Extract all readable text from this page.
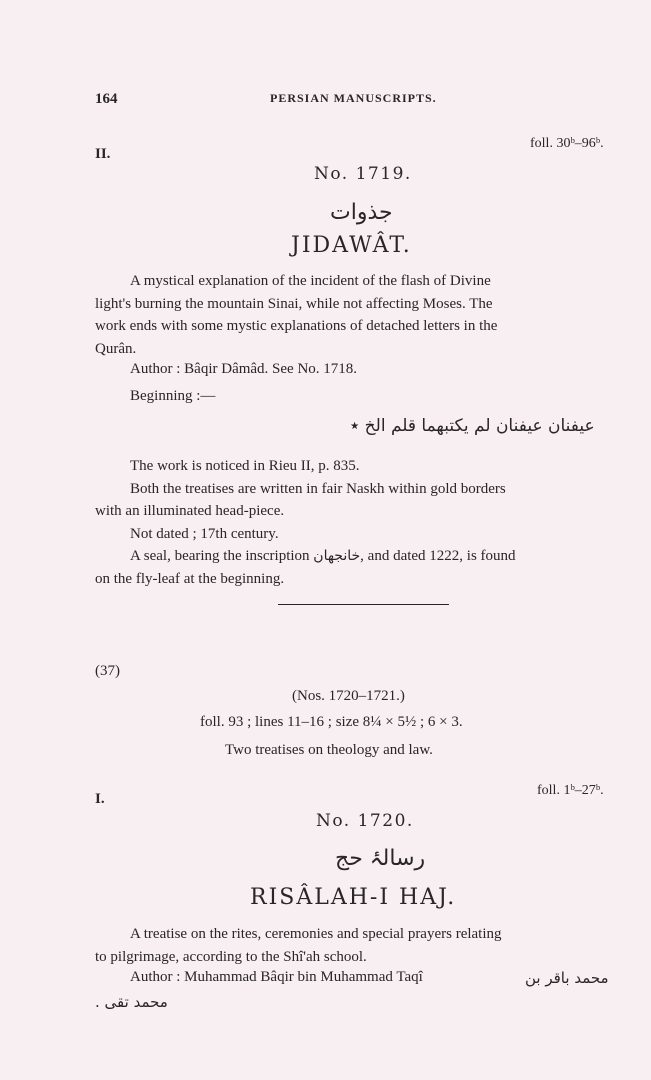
164	PERSIAN MANUSCRIPTS.
II.
foll. 30ᵇ–96ᵇ.
No. 1719.
جذوات
JIDAWÂT.

A mystical explanation of the incident of the flash of Divine

light's burning the mountain Sinai, while not affecting Moses. The

work ends with some mystic explanations of detached letters in the

Qurân.

Author : Bâqir Dâmâd. See No. 1718.
Beginning :—
عيفنان عيفنان لم يكتبهما قلم الخ ٭

The work is noticed in Rieu II, p. 835.

Both the treatises are written in fair Naskh within gold borders

with an illuminated head-piece.

Not dated ; 17th century.

A seal, bearing the inscription خانجهان, and dated 1222, is found

on the fly-leaf at the beginning.

(37)
(Nos. 1720–1721.)
foll. 93 ; lines 11–16 ; size 8¼ × 5½ ; 6 × 3.
Two treatises on theology and law.
I.
foll. 1ᵇ–27ᵇ.
No. 1720.
رسالۂ حج
RISÂLAH-I HAJ.

A treatise on the rites, ceremonies and special prayers relating

to pilgrimage, according to the Shî'ah school.

Author : Muhammad Bâqir bin Muhammad Taqî	محمد باقر بن
محمد تقی .
